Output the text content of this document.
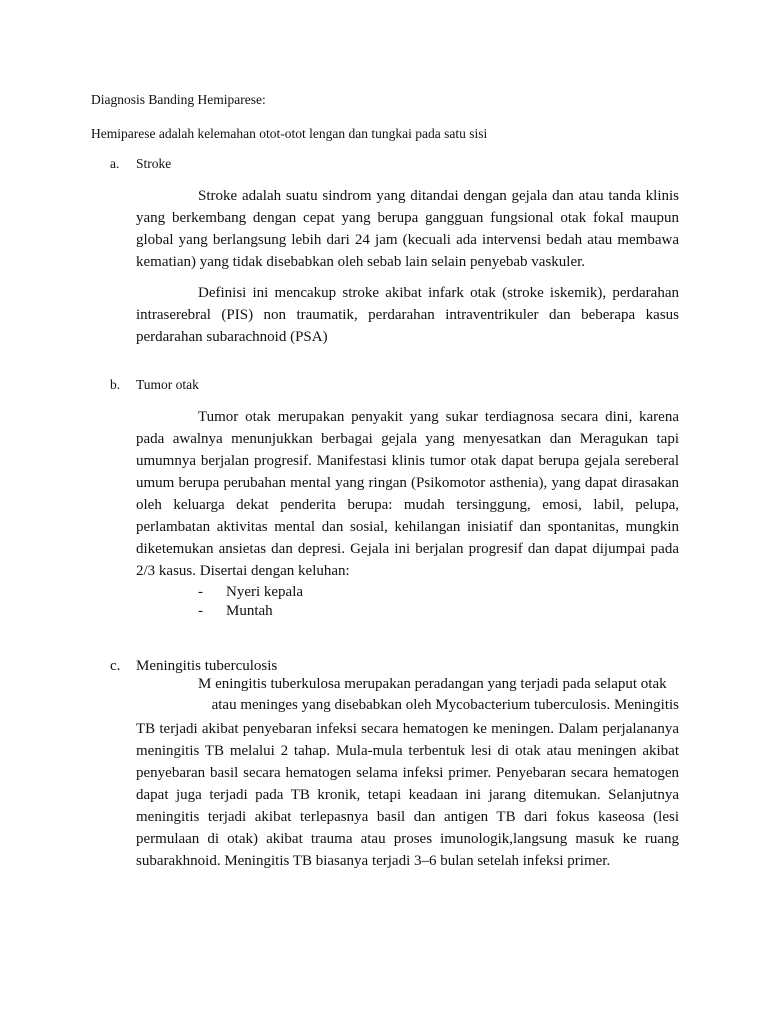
Diagnosis Banding Hemiparese:
Hemiparese adalah kelemahan otot-otot lengan dan tungkai pada satu sisi
a. Stroke
Stroke adalah suatu sindrom yang ditandai dengan gejala dan atau tanda klinis yang berkembang dengan cepat yang berupa gangguan fungsional otak fokal maupun global yang berlangsung lebih dari 24 jam (kecuali ada intervensi bedah atau membawa kematian) yang tidak disebabkan oleh sebab lain selain penyebab vaskuler.
Definisi ini mencakup stroke akibat infark otak (stroke iskemik), perdarahan intraserebral (PIS) non traumatik, perdarahan intraventrikuler dan beberapa kasus perdarahan subarachnoid (PSA)
b. Tumor otak
Tumor otak merupakan penyakit yang sukar terdiagnosa secara dini, karena pada awalnya menunjukkan berbagai gejala yang menyesatkan dan Meragukan tapi umumnya berjalan progresif. Manifestasi klinis tumor otak dapat berupa gejala sereberal umum berupa perubahan mental yang ringan (Psikomotor asthenia), yang dapat dirasakan oleh keluarga dekat penderita berupa: mudah tersinggung, emosi, labil, pelupa, perlambatan aktivitas mental dan sosial, kehilangan inisiatif dan spontanitas, mungkin diketemukan ansietas dan depresi. Gejala ini berjalan progresif dan dapat dijumpai pada 2/3 kasus. Disertai dengan keluhan:
- Nyeri kepala
- Muntah
c. Meningitis tuberculosis
M eningitis tuberkulosa merupakan peradangan yang terjadi pada selaput otak
atau meninges yang disebabkan oleh Mycobacterium tuberculosis. Meningitis
TB terjadi akibat penyebaran infeksi secara hematogen ke meningen. Dalam perjalananya meningitis TB melalui 2 tahap. Mula-mula terbentuk lesi di otak atau meningen akibat penyebaran basil secara hematogen selama infeksi primer. Penyebaran secara hematogen dapat juga terjadi pada TB kronik, tetapi keadaan ini jarang ditemukan. Selanjutnya meningitis terjadi akibat terlepasnya basil dan antigen TB dari fokus kaseosa (lesi permulaan di otak) akibat trauma atau proses imunologik,langsung masuk ke ruang subarakhnoid. Meningitis TB biasanya terjadi 3–6 bulan setelah infeksi primer.
